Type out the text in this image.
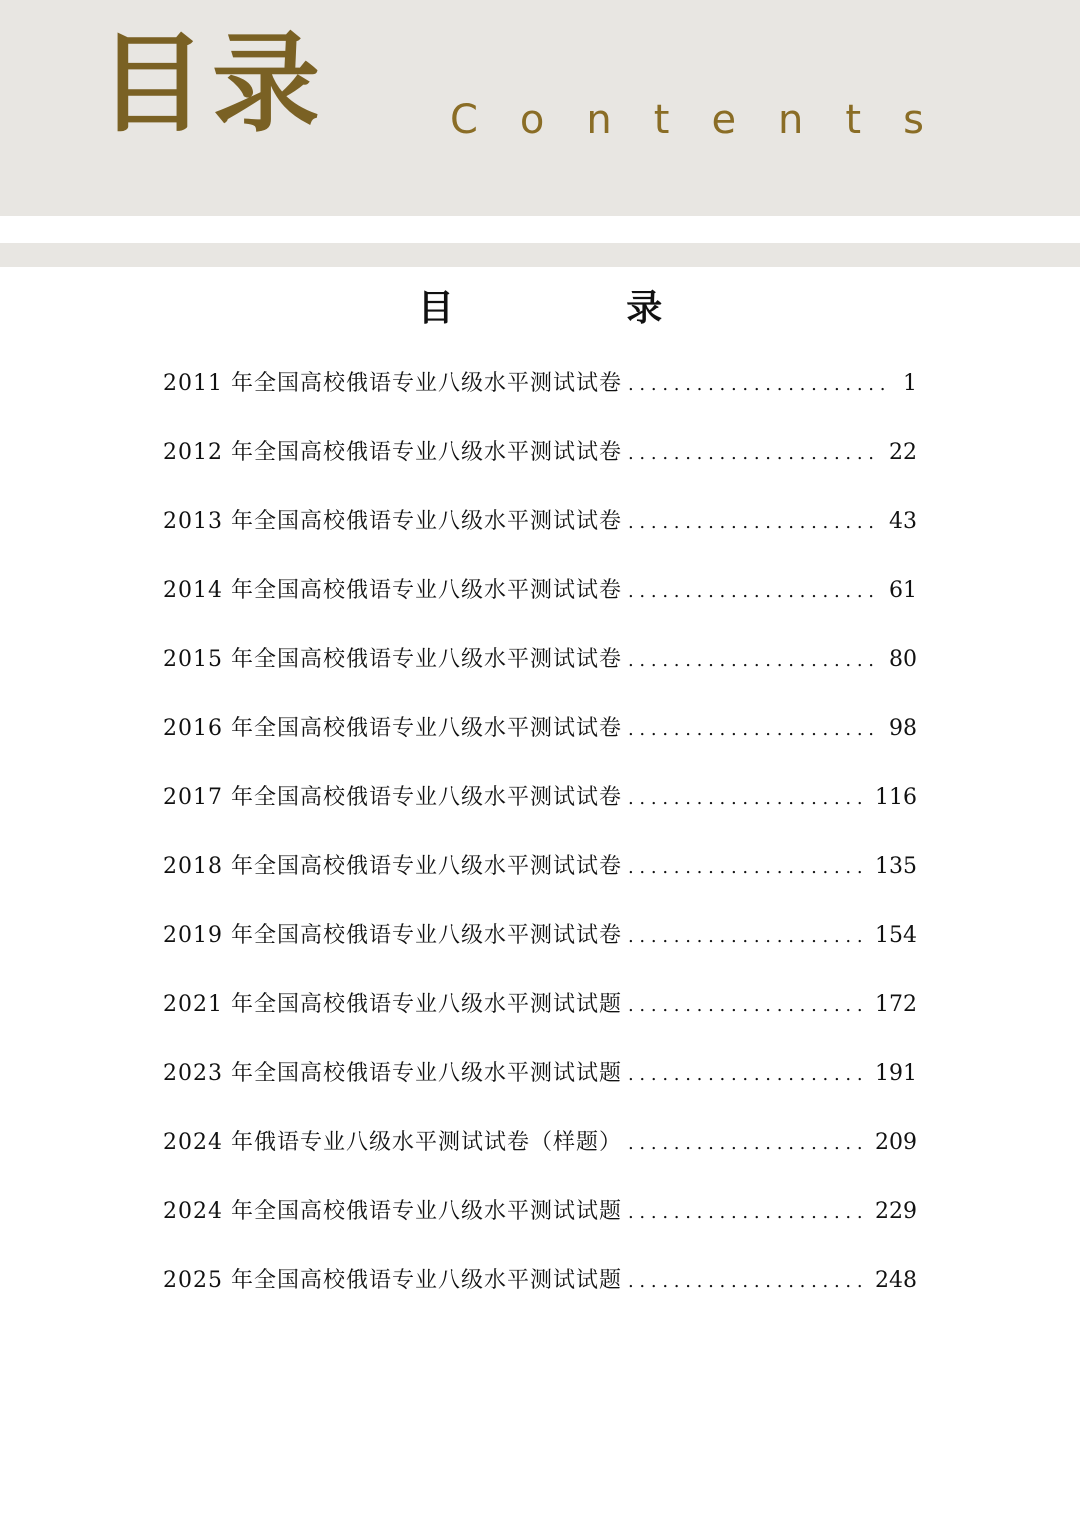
目录	Contents
目 录
2011 年全国高校俄语专业八级水平测试试卷 . . .	1
2012 年全国高校俄语专业八级水平测试试卷 . . .	22
2013 年全国高校俄语专业八级水平测试试卷 . . .	43
2014 年全国高校俄语专业八级水平测试试卷 . . .	61
2015 年全国高校俄语专业八级水平测试试卷 . . .	80
2016 年全国高校俄语专业八级水平测试试卷 . . .	98
2017 年全国高校俄语专业八级水平测试试卷 . . .	116
2018 年全国高校俄语专业八级水平测试试卷 . . .	135
2019 年全国高校俄语专业八级水平测试试卷 . . .	154
2021 年全国高校俄语专业八级水平测试试题 . . .	172
2023 年全国高校俄语专业八级水平测试试题 . . .	191
2024 年俄语专业八级水平测试试卷（样题） . . .	209
2024 年全国高校俄语专业八级水平测试试题 . . .	229
2025 年全国高校俄语专业八级水平测试试题 . . .	248
